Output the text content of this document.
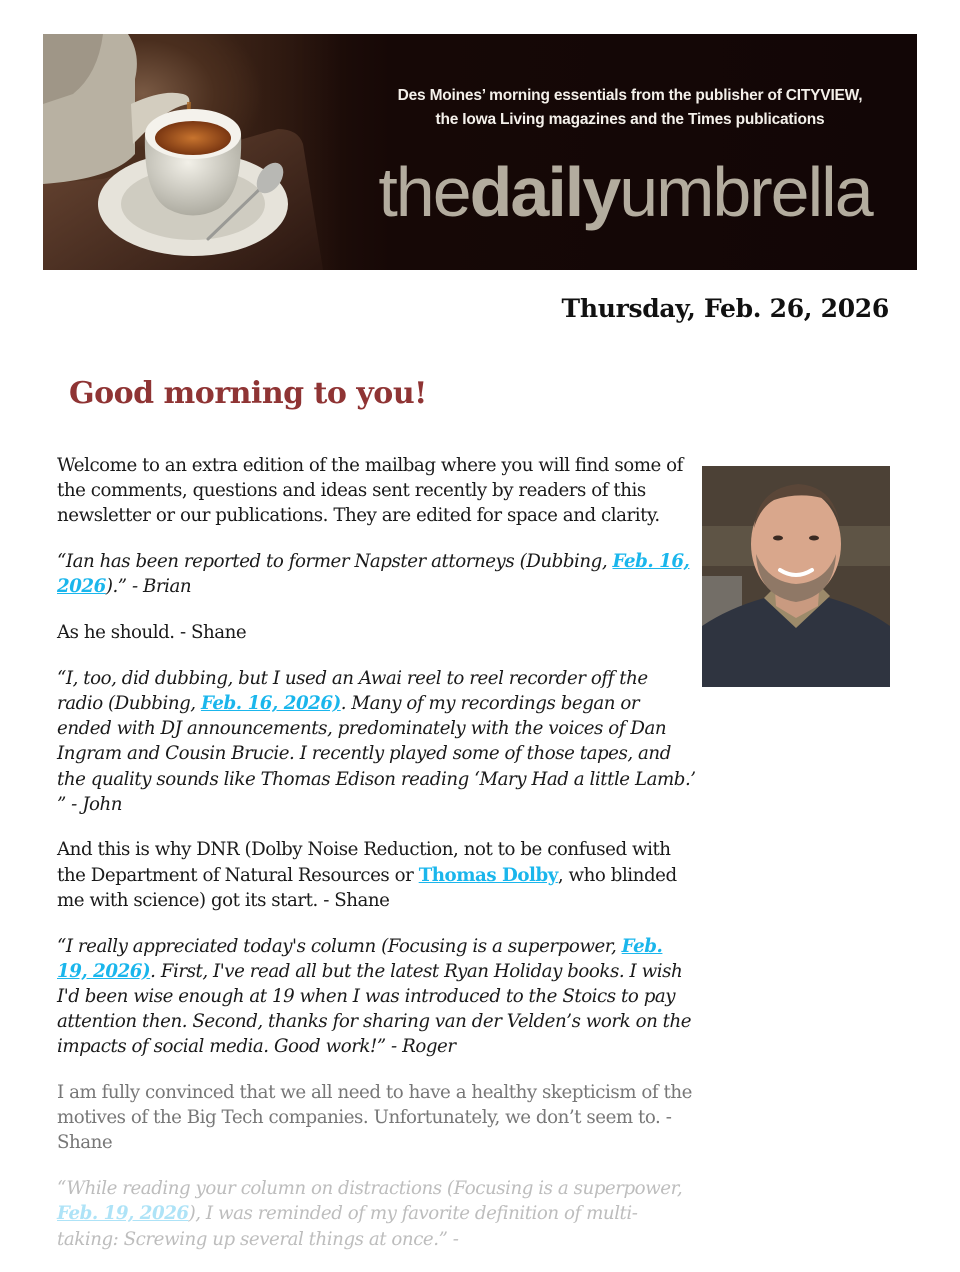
Des Moines’ morning essentials from the publisher of CITYVIEW,
the Iowa Living magazines and the Times publications
thedailyumbrella
Thursday, Feb. 26, 2026
Good morning to you!

Welcome to an extra edition of the mailbag where you will find some of the comments, questions and ideas sent recently by readers of this newsletter or our publications. They are edited for space and clarity.

“Ian has been reported to former Napster attorneys (Dubbing, Feb. 16, 2026).” - Brian

As he should. - Shane

“I, too, did dubbing, but I used an Awai reel to reel recorder off the radio (Dubbing, Feb. 16, 2026). Many of my recordings began or ended with DJ announcements, predominately with the voices of Dan Ingram and Cousin Brucie. I recently played some of those tapes, and the quality sounds like Thomas Edison reading ‘Mary Had a little Lamb.’ ” - John

And this is why DNR (Dolby Noise Reduction, not to be confused with the Department of Natural Resources or Thomas Dolby, who blinded me with science) got its start. - Shane

“I really appreciated today's column (Focusing is a superpower, Feb. 19, 2026). First, I've read all but the latest Ryan Holiday books. I wish I'd been wise enough at 19 when I was introduced to the Stoics to pay attention then. Second, thanks for sharing van der Velden’s work on the impacts of social media. Good work!” - Roger

I am fully convinced that we all need to have a healthy skepticism of the motives of the Big Tech companies. Unfortunately, we don’t seem to. - Shane

“While reading your column on distractions (Focusing is a superpower, Feb. 19, 2026), I was reminded of my favorite definition of multi-taking: Screwing up several things at once.” -
